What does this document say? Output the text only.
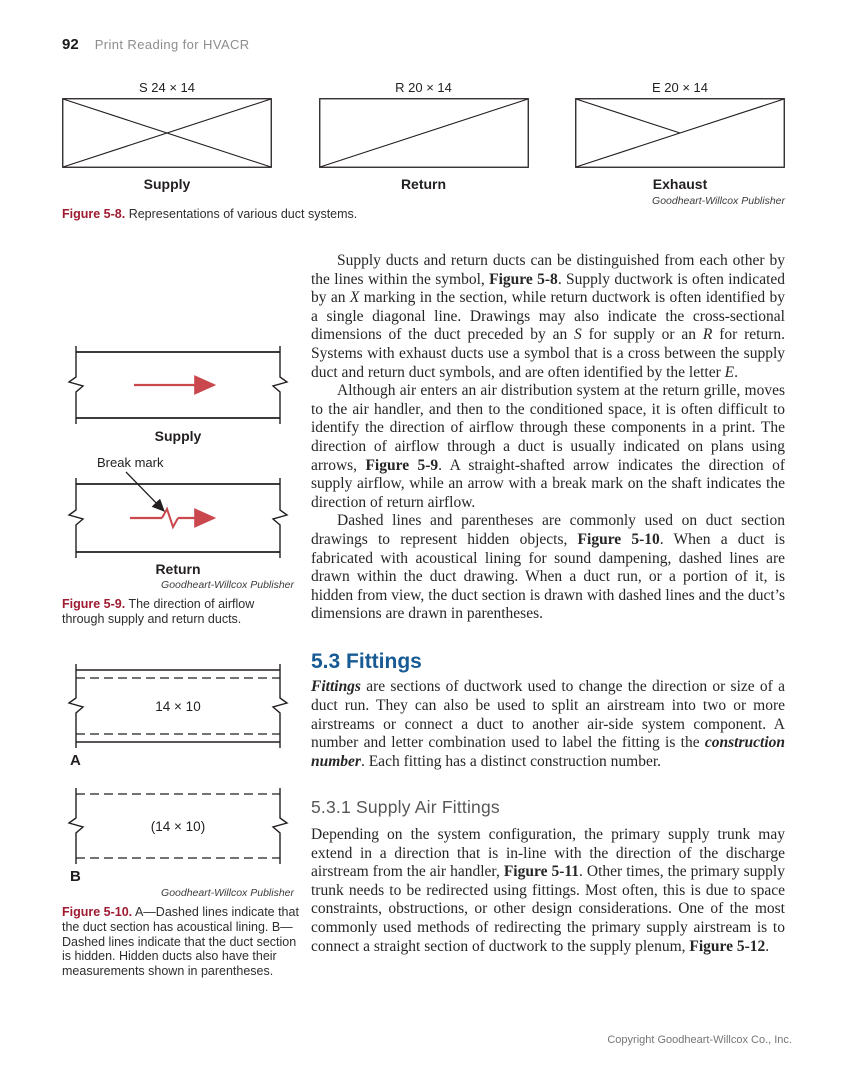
92 Print Reading for HVACR
S 24 × 14
Supply
R 20 × 14
Return
E 20 × 14
Exhaust
Goodheart-Willcox Publisher
Figure 5-8. Representations of various duct systems.
Supply
Break mark
Return
Goodheart-Willcox Publisher
Figure 5-9. The direction of airflow through supply and return ducts.
14 × 10
A
(14 × 10)
B
Goodheart-Willcox Publisher
Figure 5-10. A—Dashed lines indicate that the duct section has acoustical lining. B—Dashed lines indicate that the duct section is hidden. Hidden ducts also have their measurements shown in parentheses.

Supply ducts and return ducts can be distinguished from each other by the lines within the symbol, Figure 5-8. Supply ductwork is often indicated by an X marking in the section, while return ductwork is often identified by a single diagonal line. Drawings may also indicate the cross-sectional dimensions of the duct preceded by an S for supply or an R for return. Systems with exhaust ducts use a symbol that is a cross between the supply duct and return duct symbols, and are often identified by the letter E.

Although air enters an air distribution system at the return grille, moves to the air handler, and then to the conditioned space, it is often difficult to identify the direction of airflow through these components in a print. The direction of airflow through a duct is usually indicated on plans using arrows, Figure 5-9. A straight-shafted arrow indicates the direction of supply airflow, while an arrow with a break mark on the shaft indicates the direction of return airflow.

Dashed lines and parentheses are commonly used on duct section drawings to represent hidden objects, Figure 5-10. When a duct is fabricated with acoustical lining for sound dampening, dashed lines are drawn within the duct drawing. When a duct run, or a portion of it, is hidden from view, the duct section is drawn with dashed lines and the duct’s dimensions are drawn in parentheses.

5.3 Fittings

Fittings are sections of ductwork used to change the direction or size of a duct run. They can also be used to split an airstream into two or more airstreams or connect a duct to another air-side system component. A number and letter combination used to label the fitting is the construction number. Each fitting has a distinct construction number.

5.3.1 Supply Air Fittings

Depending on the system configuration, the primary supply trunk may extend in a direction that is in-line with the direction of the discharge airstream from the air handler, Figure 5-11. Other times, the primary supply trunk needs to be redirected using fittings. Most often, this is due to space constraints, obstructions, or other design considerations. One of the most commonly used methods of redirecting the primary supply airstream is to connect a straight section of ductwork to the supply plenum, Figure 5-12.

Copyright Goodheart-Willcox Co., Inc.
